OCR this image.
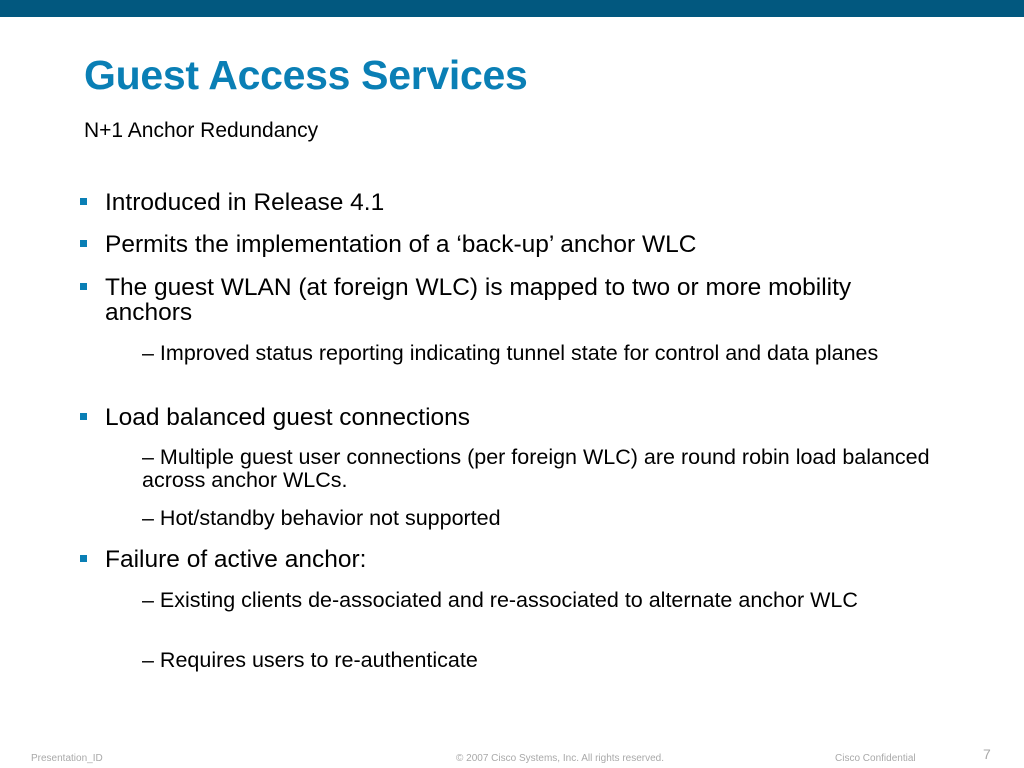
Guest Access Services
N+1 Anchor Redundancy
Introduced in Release 4.1
Permits the implementation of a ‘back-up’ anchor WLC
The guest WLAN (at foreign WLC) is mapped to two or more mobility anchors
– Improved status reporting indicating tunnel state for control and data planes
Load balanced guest connections
– Multiple guest user connections (per foreign WLC) are round robin load balanced across anchor WLCs.
– Hot/standby behavior not supported
Failure of active anchor:
– Existing clients de-associated and re-associated to alternate anchor WLC
– Requires users to re-authenticate
Presentation_ID	© 2007 Cisco Systems, Inc. All rights reserved.	Cisco Confidential	7
